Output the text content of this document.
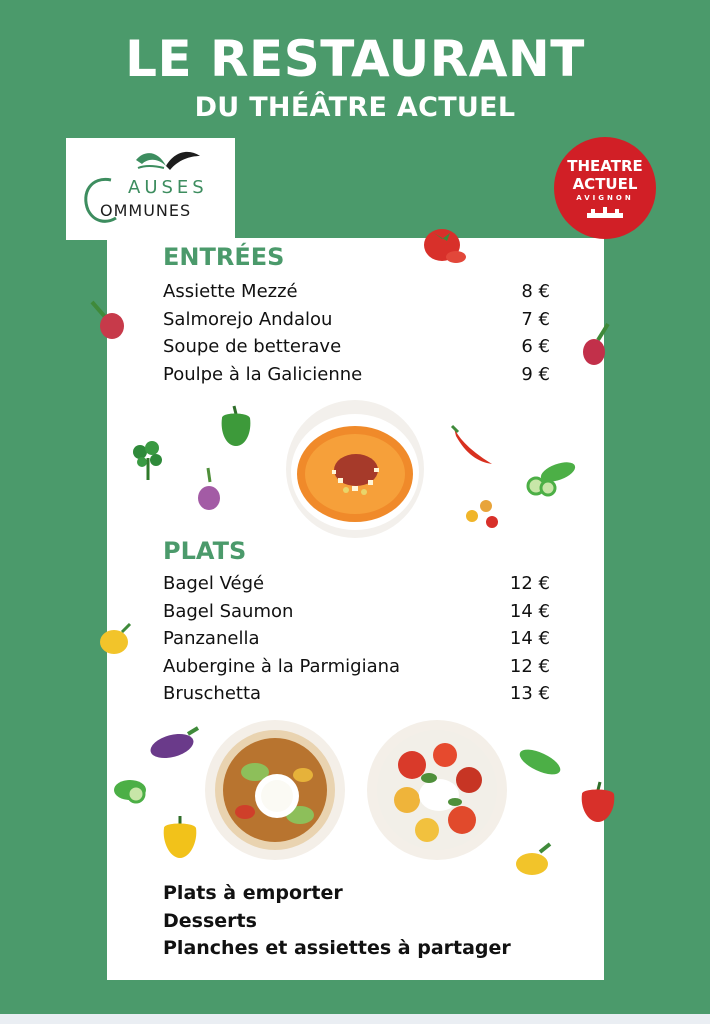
LE RESTAURANT
DU THÉÂTRE ACTUEL
AUSES
OMMUNES
THEATRE
ACTUEL
AVIGNON
ENTRÉES
Assiette Mezzé	8 €
Salmorejo Andalou	7 €
Soupe de betterave	6 €
Poulpe à la Galicienne	9 €
PLATS
Bagel Végé	12 €
Bagel Saumon	14 €
Panzanella	14 €
Aubergine à la Parmigiana	12 €
Bruschetta	13 €
Plats à emporter
Desserts
Planches et assiettes à partager
